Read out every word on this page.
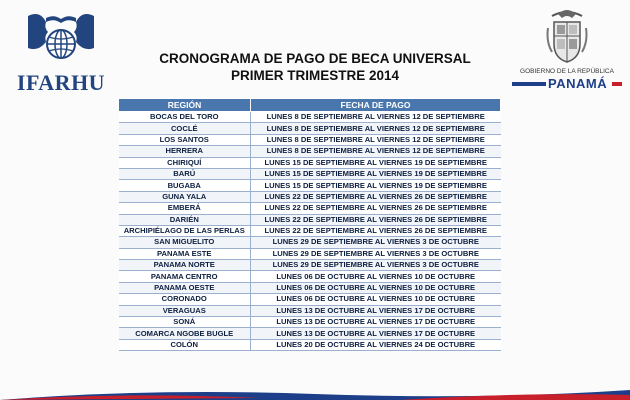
IFARHU
CRONOGRAMA DE PAGO DE BECA UNIVERSAL
PRIMER TRIMESTRE 2014	GOBIERNO DE LA REPÚBLICA
PANAMÁ
REGIÓN	FECHA DE PAGO
BOCAS DEL TORO	LUNES 8 DE SEPTIEMBRE AL VIERNES 12 DE SEPTIEMBRE
COCLÉ	LUNES 8 DE SEPTIEMBRE AL VIERNES 12 DE SEPTIEMBRE
LOS SANTOS	LUNES 8 DE SEPTIEMBRE AL VIERNES 12 DE SEPTIEMBRE
HERRERA	LUNES 8 DE SEPTIEMBRE AL VIERNES 12 DE SEPTIEMBRE
CHIRIQUÍ	LUNES 15 DE SEPTIEMBRE AL VIERNES 19 DE SEPTIEMBRE
BARÚ	LUNES 15 DE SEPTIEMBRE AL VIERNES 19 DE SEPTIEMBRE
BUGABA	LUNES 15 DE SEPTIEMBRE AL VIERNES 19 DE SEPTIEMBRE
GUNA YALA	LUNES 22 DE SEPTIEMBRE AL VIERNES 26 DE SEPTIEMBRE
EMBERÁ	LUNES 22 DE SEPTIEMBRE AL VIERNES 26 DE SEPTIEMBRE
DARIÉN	LUNES 22 DE SEPTIEMBRE AL VIERNES 26 DE SEPTIEMBRE
ARCHIPIÉLAGO DE LAS PERLAS	LUNES 22 DE SEPTIEMBRE AL VIERNES 26 DE SEPTIEMBRE
SAN MIGUELITO	LUNES 29 DE SEPTIEMBRE AL VIERNES 3 DE OCTUBRE
PANAMA ESTE	LUNES 29 DE SEPTIEMBRE AL VIERNES 3 DE OCTUBRE
PANAMA NORTE	LUNES 29 DE SEPTIEMBRE AL VIERNES 3 DE OCTUBRE
PANAMA CENTRO	LUNES 06 DE OCTUBRE AL VIERNES 10 DE OCTUBRE
PANAMA OESTE	LUNES 06 DE OCTUBRE AL VIERNES 10 DE OCTUBRE
CORONADO	LUNES 06 DE OCTUBRE AL VIERNES 10 DE OCTUBRE
VERAGUAS	LUNES 13 DE OCTUBRE AL VIERNES 17 DE OCTUBRE
SONÁ	LUNES 13 DE OCTUBRE AL VIERNES 17 DE OCTUBRE
COMARCA NGOBE BUGLE	LUNES 13 DE OCTUBRE AL VIERNES 17 DE OCTUBRE
COLÓN	LUNES 20 DE OCTUBRE AL VIERNES 24 DE OCTUBRE
